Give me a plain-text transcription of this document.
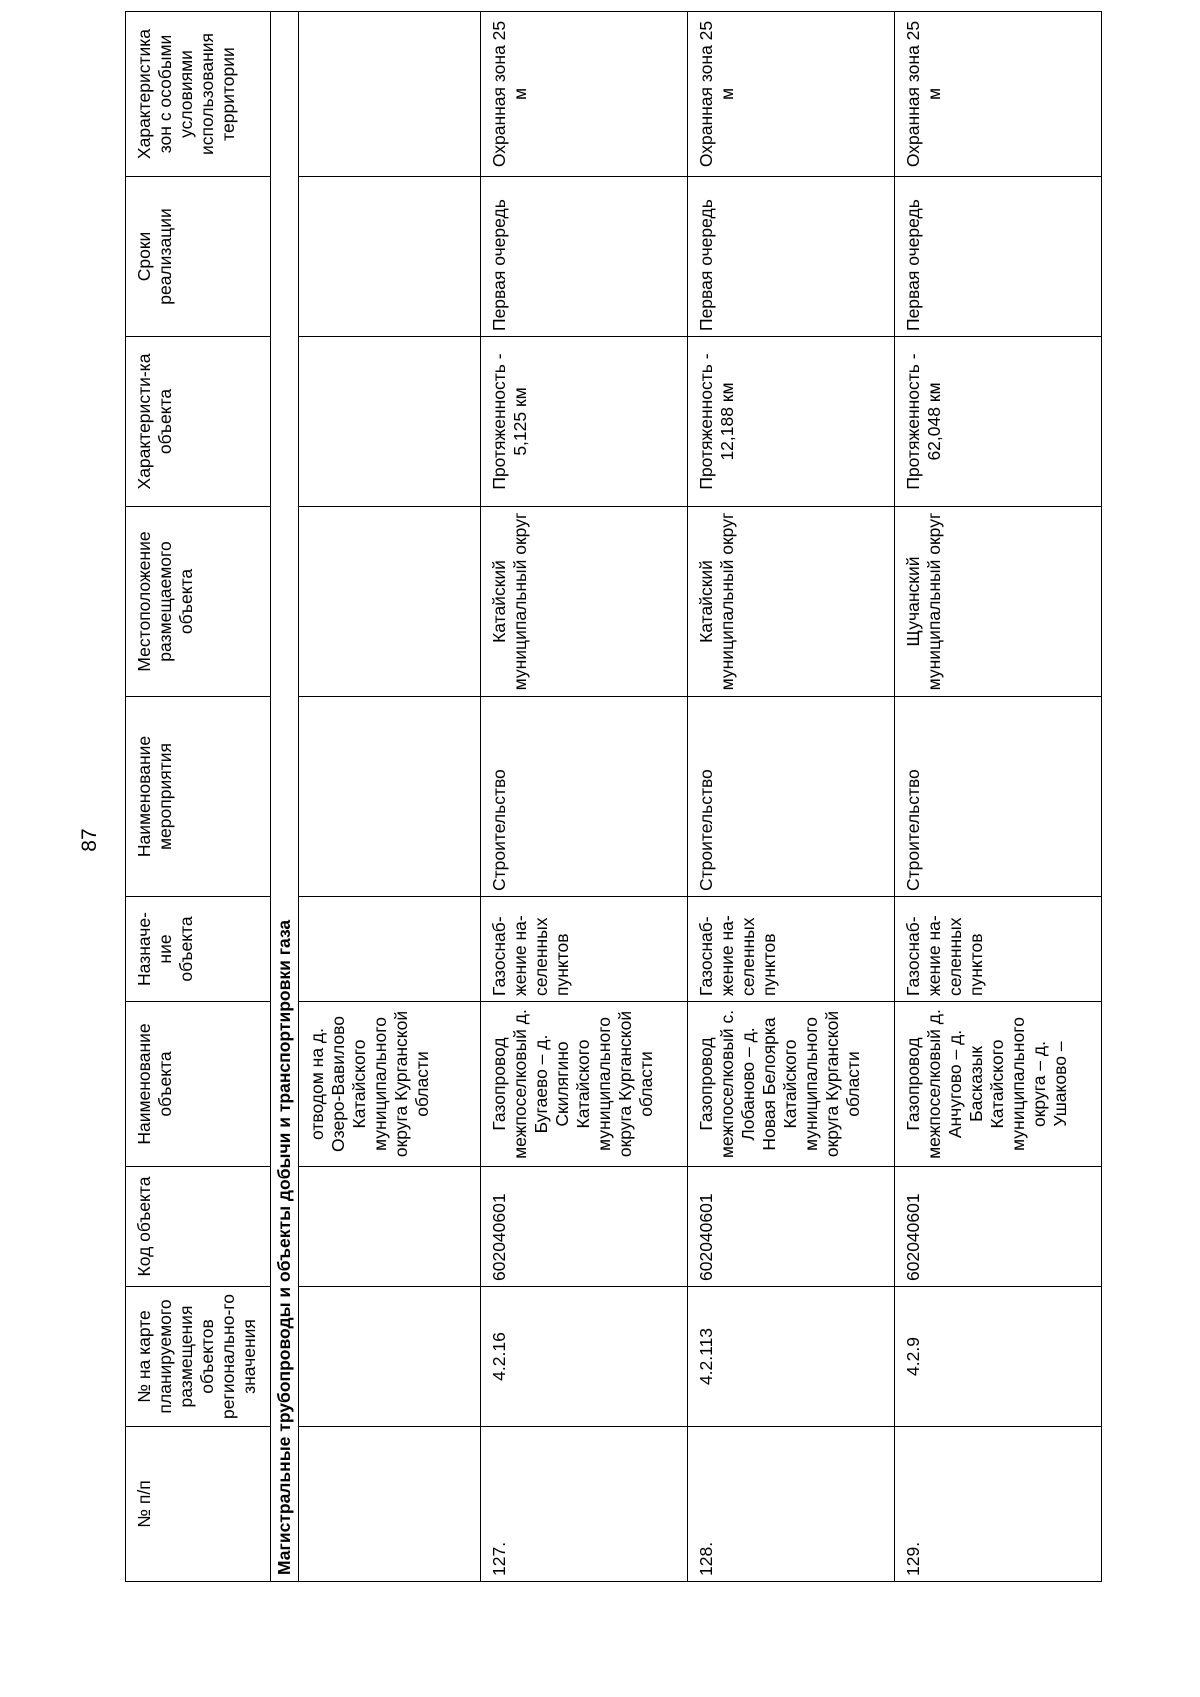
87
№ п/п	№ на карте планируемого размещения объектов регионально-го значения	Код объекта	Наименование объекта	Назначе-ние объекта	Наименование мероприятия	Местоположение размещаемого объекта	Характеристи-ка объекта	Сроки реализации	Характеристика зон с особыми условиями использования территории
Магистральные трубопроводы и объекты добычи и транспортировки газа									
			отводом на д. Озеро-Вавилово Катайского муниципального округа Курганской области						
127.	4.2.16	602040601	Газопровод межпоселковый д. Бугаево – д. Скилягино Катайского муниципального округа Курганской области	Газоснаб-жение на-селенных пунктов	Строительство	Катайский муниципальный округ	Протяженность - 5,125 км	Первая очередь	Охранная зона 25 м
128.	4.2.113	602040601	Газопровод межпоселковый с. Лобаново – д. Новая Белоярка Катайского муниципального округа Курганской области	Газоснаб-жение на-селенных пунктов	Строительство	Катайский муниципальный округ	Протяженность - 12,188 км	Первая очередь	Охранная зона 25 м
129.	4.2.9	602040601	Газопровод межпоселковый д. Анчугово – д. Басказык Катайского муниципального округа – д. Ушаково –	Газоснаб-жение на-селенных пунктов	Строительство	Щучанский муниципальный округ	Протяженность - 62,048 км	Первая очередь	Охранная зона 25 м
